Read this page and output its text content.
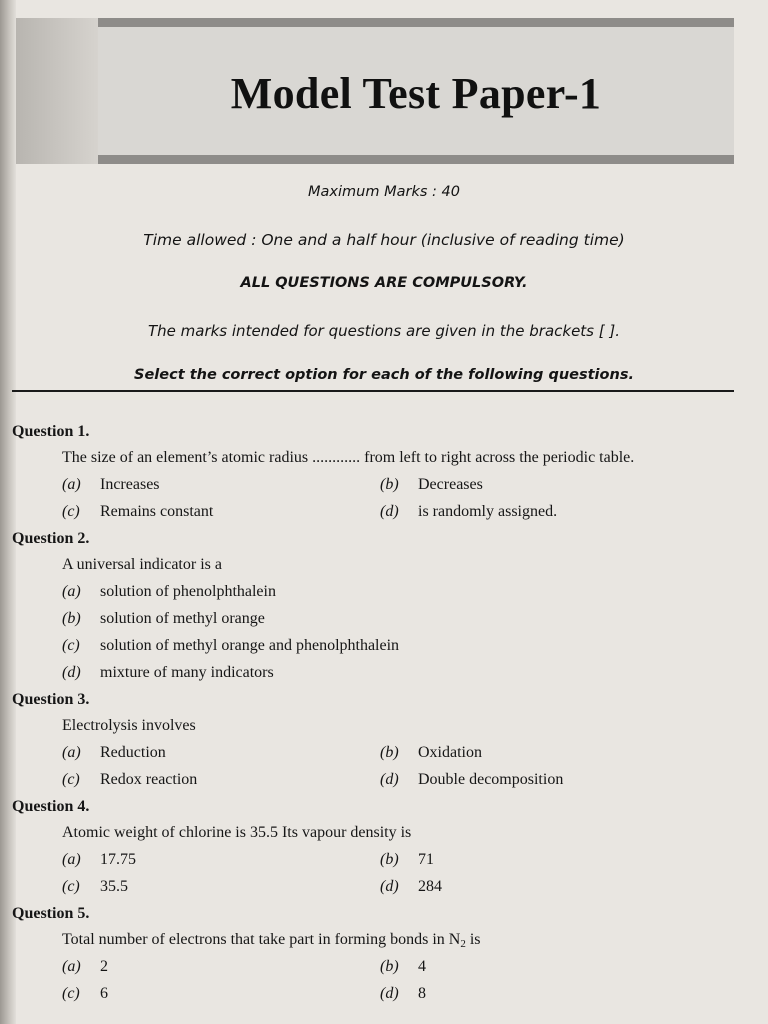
Model Test Paper-1
Maximum Marks : 40
Time allowed : One and a half hour (inclusive of reading time)
ALL QUESTIONS ARE COMPULSORY.
The marks intended for questions are given in the brackets [ ].
Select the correct option for each of the following questions.
Question 1.
The size of an element’s atomic radius ............ from left to right across the periodic table.
(a)	Increases	(b)	Decreases
(c)	Remains constant	(d)	is randomly assigned.
Question 2.
A universal indicator is a
(a)	solution of phenolphthalein
(b)	solution of methyl orange
(c)	solution of methyl orange and phenolphthalein
(d)	mixture of many indicators
Question 3.
Electrolysis involves
(a)	Reduction	(b)	Oxidation
(c)	Redox reaction	(d)	Double decomposition
Question 4.
Atomic weight of chlorine is 35.5 Its vapour density is
(a)	17.75	(b)	71
(c)	35.5	(d)	284
Question 5.
Total number of electrons that take part in forming bonds in $N_2$ is
(a)	2	(b)	4
(c)	6	(d)	8
